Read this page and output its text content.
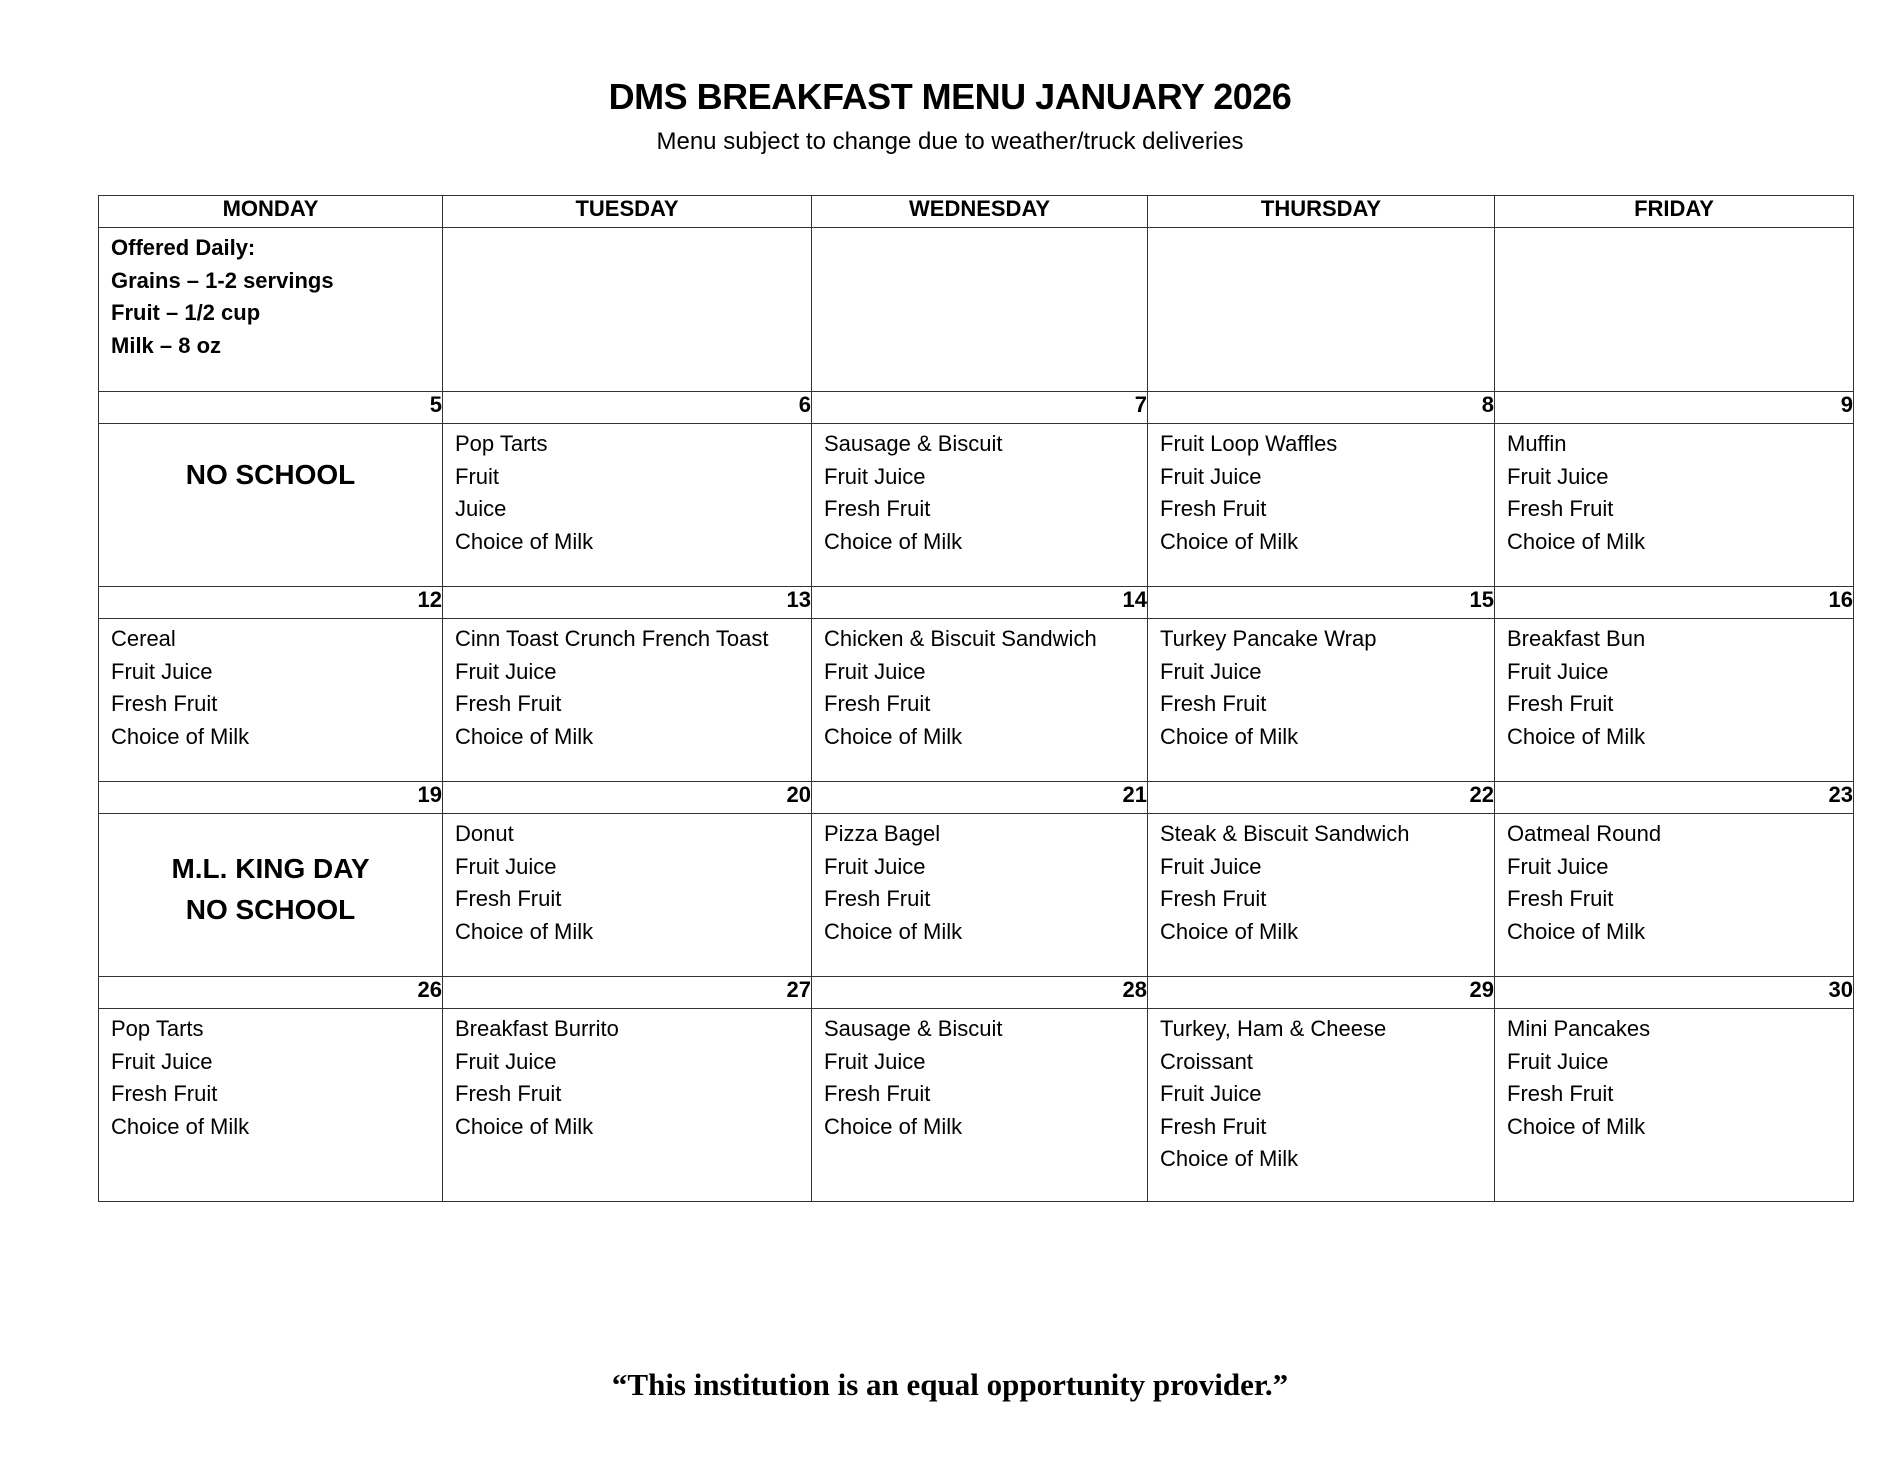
DMS BREAKFAST MENU JANUARY 2026
Menu subject to change due to weather/truck deliveries
MONDAY	TUESDAY	WEDNESDAY	THURSDAY	FRIDAY

Offered Daily:
Grains – 1-2 servings
Fruit – 1/2 cup
Milk – 8 oz				

5	6	7	8	9

NO SCHOOL	Pop Tarts
Fruit
Juice
Choice of Milk	Sausage & Biscuit
Fruit Juice
Fresh Fruit
Choice of Milk	Fruit Loop Waffles
Fruit Juice
Fresh Fruit
Choice of Milk	Muffin
Fruit Juice
Fresh Fruit
Choice of Milk

12	13	14	15	16

Cereal
Fruit Juice
Fresh Fruit
Choice of Milk	Cinn Toast Crunch French Toast
Fruit Juice
Fresh Fruit
Choice of Milk	Chicken & Biscuit Sandwich
Fruit Juice
Fresh Fruit
Choice of Milk	Turkey Pancake Wrap
Fruit Juice
Fresh Fruit
Choice of Milk	Breakfast Bun
Fruit Juice
Fresh Fruit
Choice of Milk

19	20	21	22	23

M.L. KING DAY
NO SCHOOL	Donut
Fruit Juice
Fresh Fruit
Choice of Milk	Pizza Bagel
Fruit Juice
Fresh Fruit
Choice of Milk	Steak & Biscuit Sandwich
Fruit Juice
Fresh Fruit
Choice of Milk	Oatmeal Round
Fruit Juice
Fresh Fruit
Choice of Milk

26	27	28	29	30

Pop Tarts
Fruit Juice
Fresh Fruit
Choice of Milk	Breakfast Burrito
Fruit Juice
Fresh Fruit
Choice of Milk	Sausage & Biscuit
Fruit Juice
Fresh Fruit
Choice of Milk	Turkey, Ham & Cheese
Croissant
Fruit Juice
Fresh Fruit
Choice of Milk	Mini Pancakes
Fruit Juice
Fresh Fruit
Choice of Milk
“This institution is an equal opportunity provider.”
